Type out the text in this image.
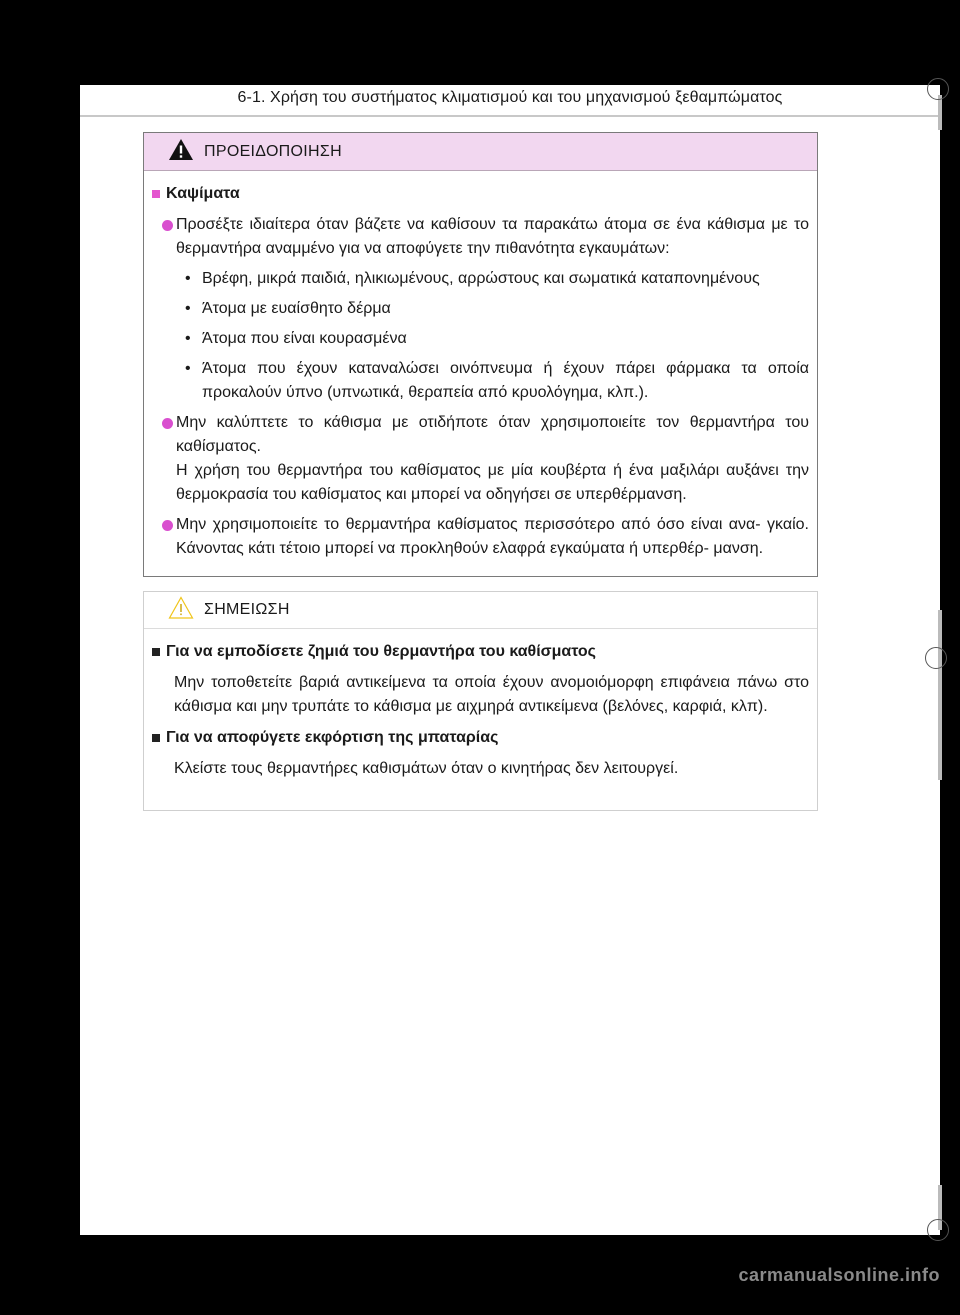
6-1. Χρήση του συστήματος κλιματισμού και του μηχανισμού ξεθαμπώματος
ΠΡΟΕΙΔΟΠΟΙΗΣΗ
Καψίματα
Προσέξτε ιδιαίτερα όταν βάζετε να καθίσουν τα παρακάτω άτομα σε ένα κάθισμα με το θερμαντήρα αναμμένο για να αποφύγετε την πιθανότητα εγκαυμάτων:
• Βρέφη, μικρά παιδιά, ηλικιωμένους, αρρώστους και σωματικά καταπονημένους
• Άτομα με ευαίσθητο δέρμα
• Άτομα που είναι κουρασμένα
• Άτομα που έχουν καταναλώσει οινόπνευμα ή έχουν πάρει φάρμακα τα οποία προκαλούν ύπνο (υπνωτικά, θεραπεία από κρυολόγημα, κλπ.).
Μην καλύπτετε το κάθισμα με οτιδήποτε όταν χρησιμοποιείτε τον θερμαντήρα του καθίσματος.
Η χρήση του θερμαντήρα του καθίσματος με μία κουβέρτα ή ένα μαξιλάρι αυξάνει την θερμοκρασία του καθίσματος και μπορεί να οδηγήσει σε υπερθέρμανση.
Μην χρησιμοποιείτε το θερμαντήρα καθίσματος περισσότερο από όσο είναι ανα- γκαίο. Κάνοντας κάτι τέτοιο μπορεί να προκληθούν ελαφρά εγκαύματα ή υπερθέρ- μανση.
ΣΗΜΕΙΩΣΗ
Για να εμποδίσετε ζημιά του θερμαντήρα του καθίσματος
Μην τοποθετείτε βαριά αντικείμενα τα οποία έχουν ανομοιόμορφη επιφάνεια πάνω στο κάθισμα και μην τρυπάτε το κάθισμα με αιχμηρά αντικείμενα (βελόνες, καρφιά, κλπ).
Για να αποφύγετε εκφόρτιση της μπαταρίας
Κλείστε τους θερμαντήρες καθισμάτων όταν ο κινητήρας δεν λειτουργεί.
carmanualsonline.info
